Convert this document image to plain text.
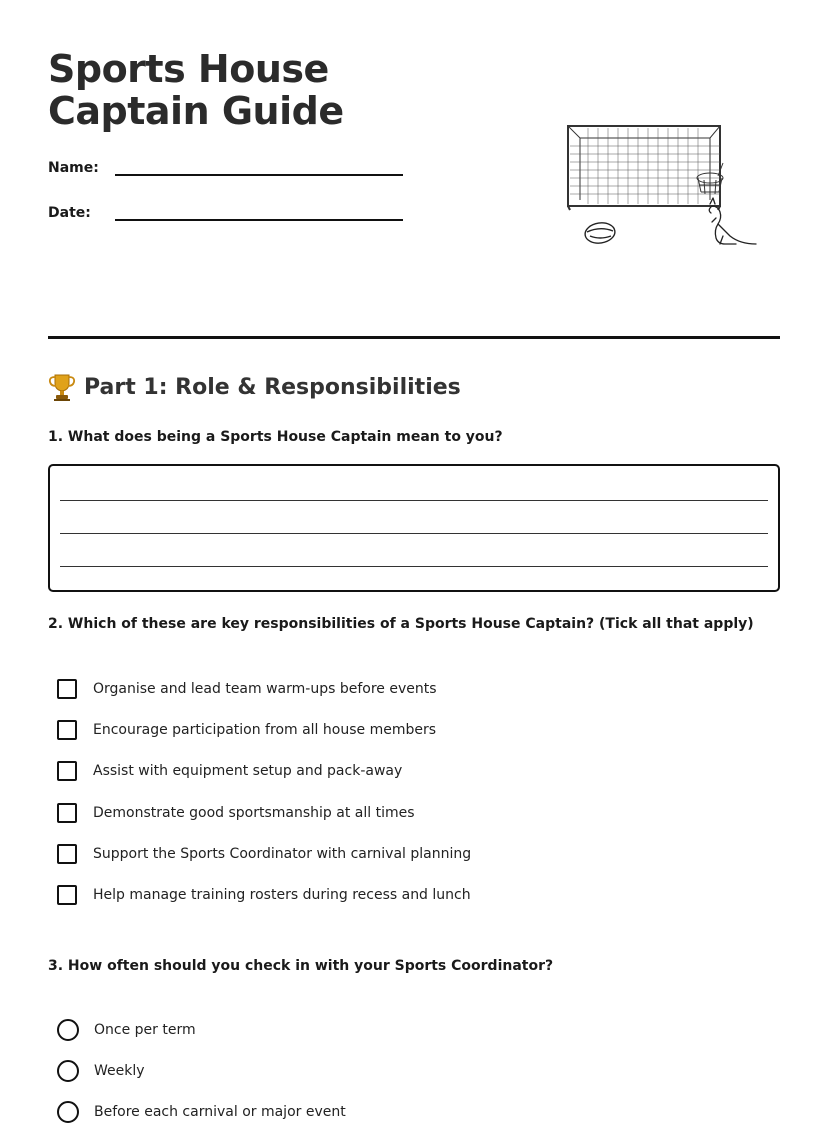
Sports House Captain Guide
Name:
Date:
Part 1: Role & Responsibilities
1. What does being a Sports House Captain mean to you?
2. Which of these are key responsibilities of a Sports House Captain? (Tick all that apply)
Organise and lead team warm-ups before events
Encourage participation from all house members
Assist with equipment setup and pack-away
Demonstrate good sportsmanship at all times
Support the Sports Coordinator with carnival planning
Help manage training rosters during recess and lunch
3. How often should you check in with your Sports Coordinator?
Once per term
Weekly
Before each carnival or major event
